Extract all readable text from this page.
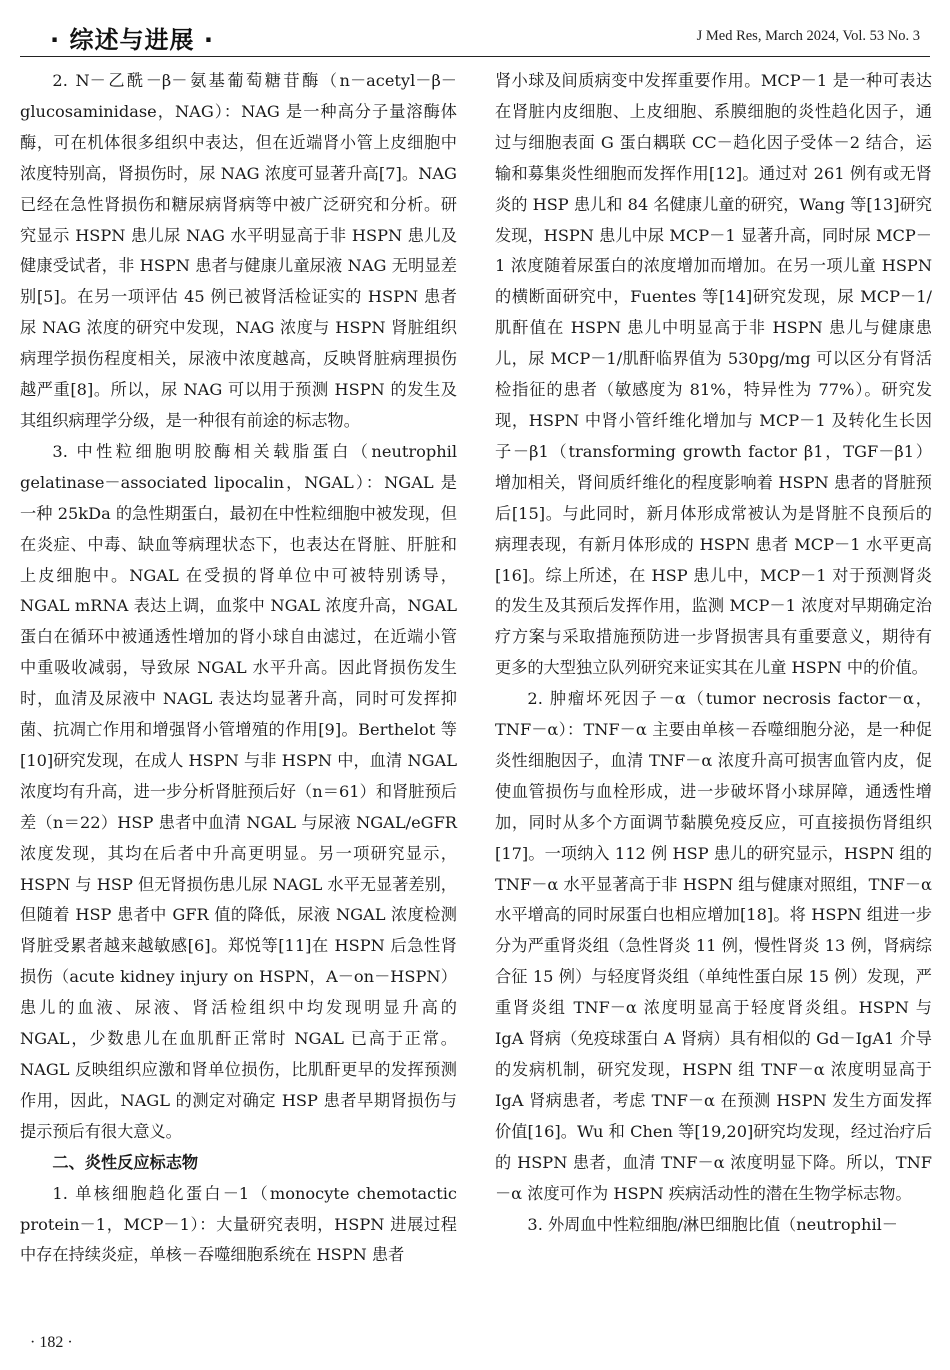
· 综述与进展 ·	J Med Res, March 2024, Vol. 53 No. 3

2. N－乙酰－β－氨基葡萄糖苷酶（n－acetyl－β－glucosaminidase，NAG）：NAG 是一种高分子量溶酶体酶，可在机体很多组织中表达，但在近端肾小管上皮细胞中浓度特别高，肾损伤时，尿 NAG 浓度可显著升高[7]。NAG 已经在急性肾损伤和糖尿病肾病等中被广泛研究和分析。研究显示 HSPN 患儿尿 NAG 水平明显高于非 HSPN 患儿及健康受试者，非 HSPN 患者与健康儿童尿液 NAG 无明显差别[5]。在另一项评估 45 例已被肾活检证实的 HSPN 患者尿 NAG 浓度的研究中发现，NAG 浓度与 HSPN 肾脏组织病理学损伤程度相关，尿液中浓度越高，反映肾脏病理损伤越严重[8]。所以，尿 NAG 可以用于预测 HSPN 的发生及其组织病理学分级，是一种很有前途的标志物。

3. 中性粒细胞明胶酶相关载脂蛋白（neutrophil gelatinase－associated lipocalin，NGAL）：NGAL 是一种 25kDa 的急性期蛋白，最初在中性粒细胞中被发现，但在炎症、中毒、缺血等病理状态下，也表达在肾脏、肝脏和上皮细胞中。NGAL 在受损的肾单位中可被特别诱导，NGAL mRNA 表达上调，血浆中 NGAL 浓度升高，NGAL 蛋白在循环中被通透性增加的肾小球自由滤过，在近端小管中重吸收减弱，导致尿 NGAL 水平升高。因此肾损伤发生时，血清及尿液中 NAGL 表达均显著升高，同时可发挥抑菌、抗凋亡作用和增强肾小管增殖的作用[9]。Berthelot 等[10]研究发现，在成人 HSPN 与非 HSPN 中，血清 NGAL 浓度均有升高，进一步分析肾脏预后好（n＝61）和肾脏预后差（n＝22）HSP 患者中血清 NGAL 与尿液 NGAL/eGFR 浓度发现，其均在后者中升高更明显。另一项研究显示，HSPN 与 HSP 但无肾损伤患儿尿 NAGL 水平无显著差别，但随着 HSP 患者中 GFR 值的降低，尿液 NGAL 浓度检测肾脏受累者越来越敏感[6]。郑悦等[11]在 HSPN 后急性肾损伤（acute kidney injury on HSPN，A－on－HSPN）患儿的血液、尿液、肾活检组织中均发现明显升高的 NGAL，少数患儿在血肌酐正常时 NGAL 已高于正常。NAGL 反映组织应激和肾单位损伤，比肌酐更早的发挥预测作用，因此，NAGL 的测定对确定 HSP 患者早期肾损伤与提示预后有很大意义。

二、炎性反应标志物

1. 单核细胞趋化蛋白－1（monocyte chemotactic protein－1，MCP－1）：大量研究表明，HSPN 进展过程中存在持续炎症，单核－吞噬细胞系统在 HSPN 患者

肾小球及间质病变中发挥重要作用。MCP－1 是一种可表达在肾脏内皮细胞、上皮细胞、系膜细胞的炎性趋化因子，通过与细胞表面 G 蛋白耦联 CC－趋化因子受体－2 结合，运输和募集炎性细胞而发挥作用[12]。通过对 261 例有或无肾炎的 HSP 患儿和 84 名健康儿童的研究，Wang 等[13]研究发现，HSPN 患儿中尿 MCP－1 显著升高，同时尿 MCP－1 浓度随着尿蛋白的浓度增加而增加。在另一项儿童 HSPN 的横断面研究中，Fuentes 等[14]研究发现，尿 MCP－1/肌酐值在 HSPN 患儿中明显高于非 HSPN 患儿与健康患儿，尿 MCP－1/肌酐临界值为 530pg/mg 可以区分有肾活检指征的患者（敏感度为 81%，特异性为 77%）。研究发现，HSPN 中肾小管纤维化增加与 MCP－1 及转化生长因子－β1（transforming growth factor β1，TGF－β1）增加相关，肾间质纤维化的程度影响着 HSPN 患者的肾脏预后[15]。与此同时，新月体形成常被认为是肾脏不良预后的病理表现，有新月体形成的 HSPN 患者 MCP－1 水平更高[16]。综上所述，在 HSP 患儿中，MCP－1 对于预测肾炎的发生及其预后发挥作用，监测 MCP－1 浓度对早期确定治疗方案与采取措施预防进一步肾损害具有重要意义，期待有更多的大型独立队列研究来证实其在儿童 HSPN 中的价值。

2. 肿瘤坏死因子－α（tumor necrosis factor－α，TNF－α）：TNF－α 主要由单核－吞噬细胞分泌，是一种促炎性细胞因子，血清 TNF－α 浓度升高可损害血管内皮，促使血管损伤与血栓形成，进一步破坏肾小球屏障，通透性增加，同时从多个方面调节黏膜免疫反应，可直接损伤肾组织[17]。一项纳入 112 例 HSP 患儿的研究显示，HSPN 组的 TNF－α 水平显著高于非 HSPN 组与健康对照组，TNF－α 水平增高的同时尿蛋白也相应增加[18]。将 HSPN 组进一步分为严重肾炎组（急性肾炎 11 例，慢性肾炎 13 例，肾病综合征 15 例）与轻度肾炎组（单纯性蛋白尿 15 例）发现，严重肾炎组 TNF－α 浓度明显高于轻度肾炎组。HSPN 与 IgA 肾病（免疫球蛋白 A 肾病）具有相似的 Gd－IgA1 介导的发病机制，研究发现，HSPN 组 TNF－α 浓度明显高于 IgA 肾病患者，考虑 TNF－α 在预测 HSPN 发生方面发挥价值[16]。Wu 和 Chen 等[19,20]研究均发现，经过治疗后的 HSPN 患者，血清 TNF－α 浓度明显下降。所以，TNF－α 浓度可作为 HSPN 疾病活动性的潜在生物学标志物。

3. 外周血中性粒细胞/淋巴细胞比值（neutrophil－

· 182 ·
